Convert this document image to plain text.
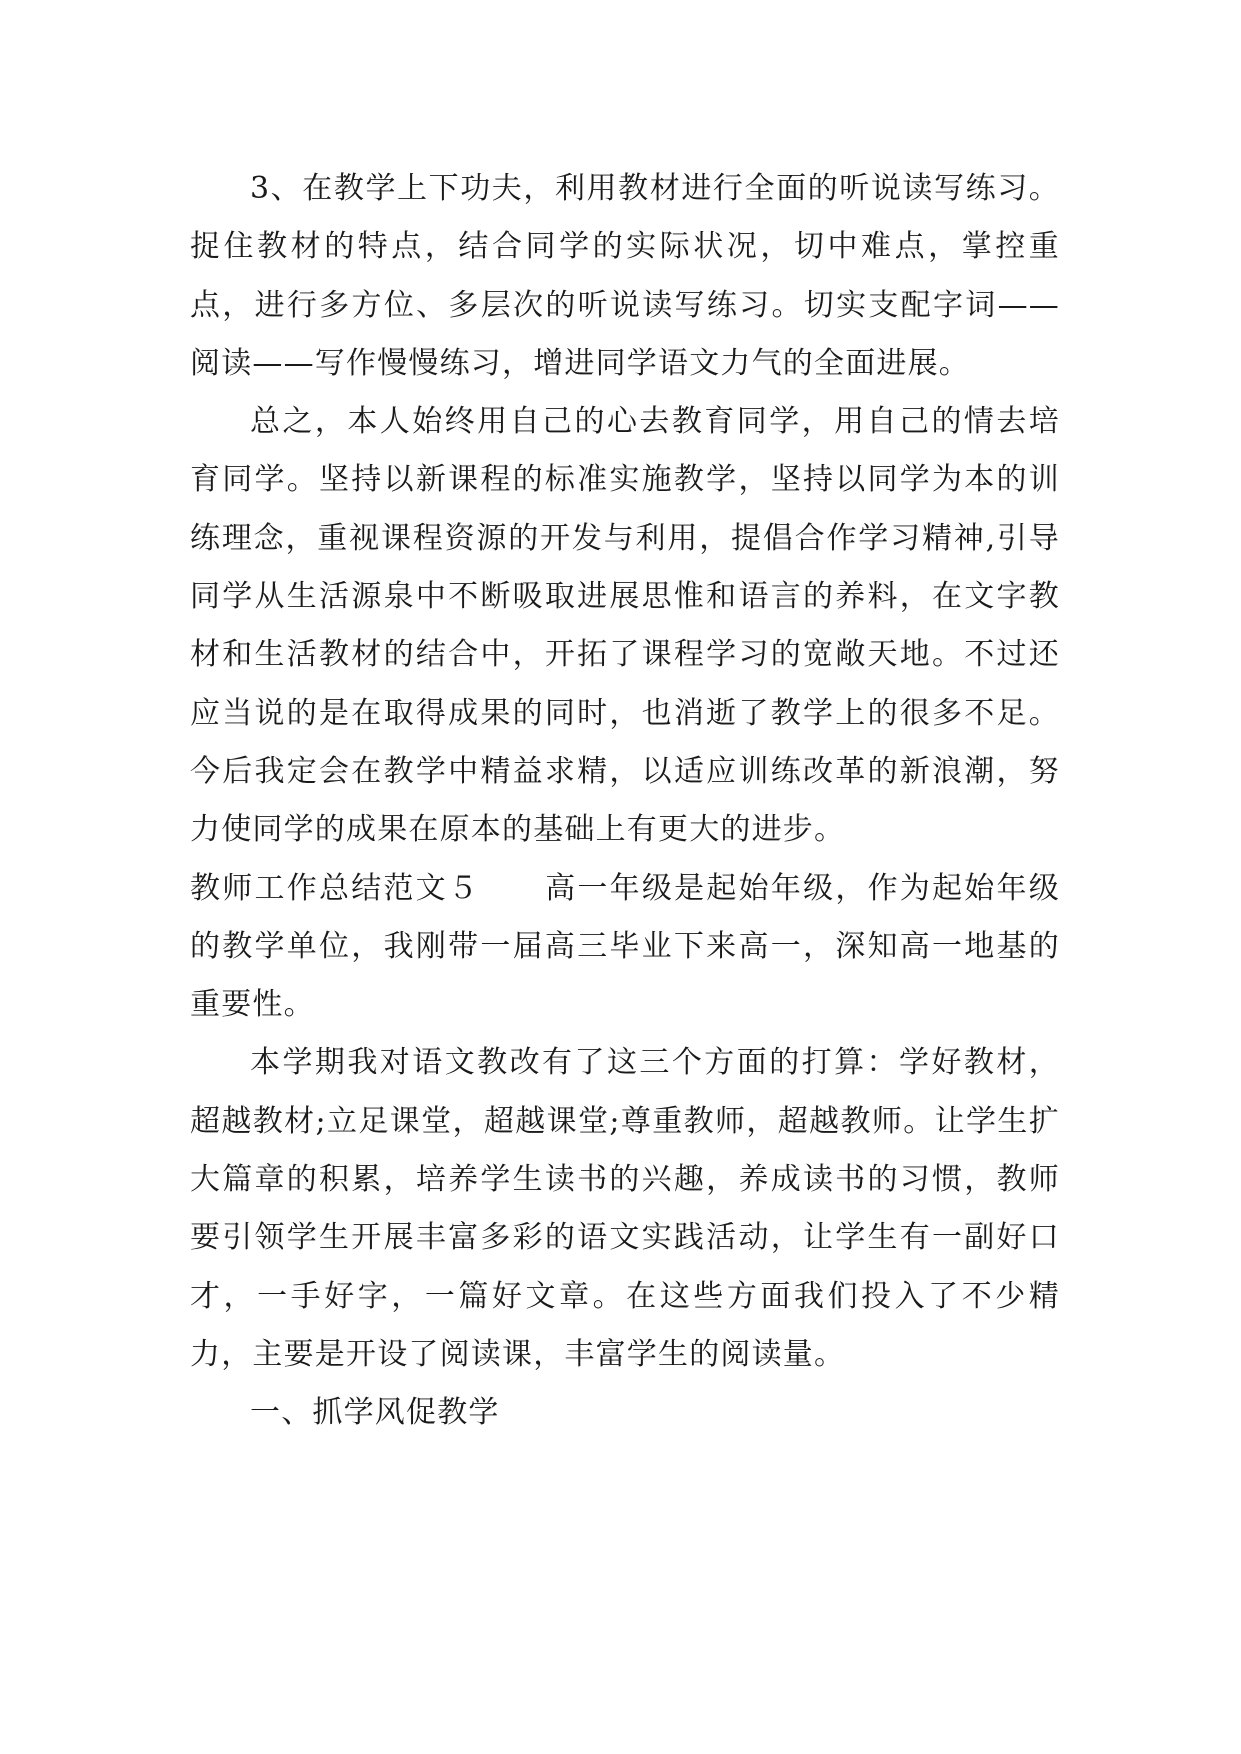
3、在教学上下功夫，利用教材进行全面的听说读写练习。捉住教材的特点，结合同学的实际状况，切中难点，掌控重点，进行多方位、多层次的听说读写练习。切实支配字词——阅读——写作慢慢练习，增进同学语文力气的全面进展。

总之，本人始终用自己的心去教育同学，用自己的情去培育同学。坚持以新课程的标准实施教学，坚持以同学为本的训练理念，重视课程资源的开发与利用，提倡合作学习精神,引导同学从生活源泉中不断吸取进展思惟和语言的养料，在文字教材和生活教材的结合中，开拓了课程学习的宽敞天地。不过还应当说的是在取得成果的同时，也消逝了教学上的很多不足。今后我定会在教学中精益求精，以适应训练改革的新浪潮，努力使同学的成果在原本的基础上有更大的进步。

教师工作总结范文５ 高一年级是起始年级，作为起始年级的教学单位，我刚带一届高三毕业下来高一，深知高一地基的重要性。

本学期我对语文教改有了这三个方面的打算：学好教材，超越教材;立足课堂，超越课堂;尊重教师，超越教师。让学生扩大篇章的积累，培养学生读书的兴趣，养成读书的习惯，教师要引领学生开展丰富多彩的语文实践活动，让学生有一副好口才，一手好字，一篇好文章。在这些方面我们投入了不少精力，主要是开设了阅读课，丰富学生的阅读量。

一、抓学风促教学
